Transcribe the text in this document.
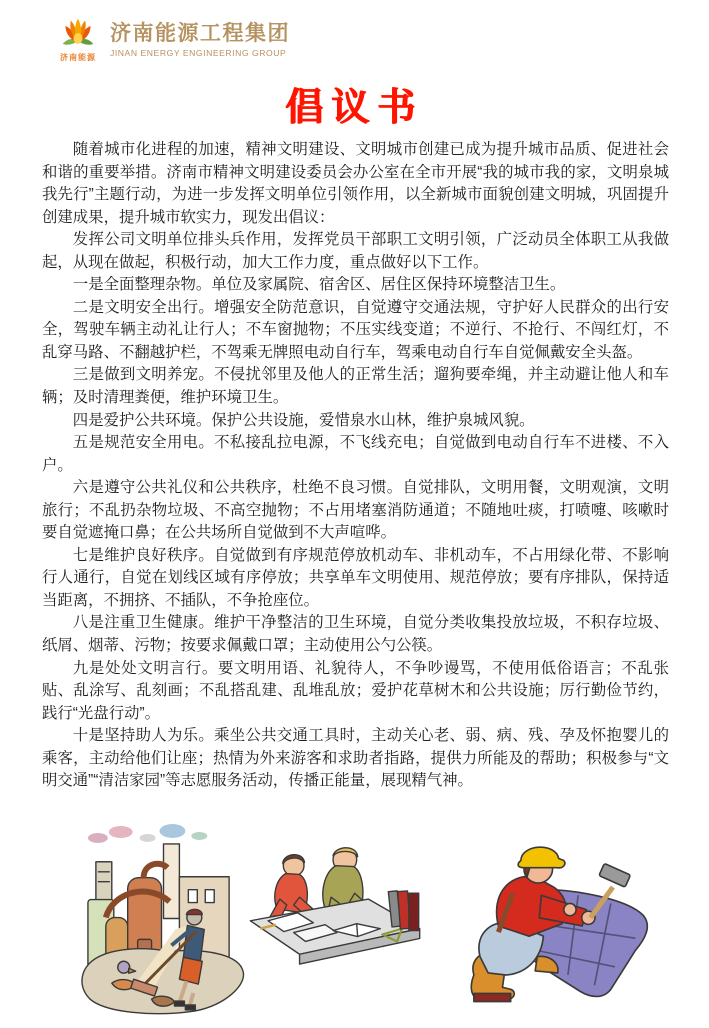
济南能源
济南能源工程集团
JINAN ENERGY ENGINEERING GROUP
倡议书

随着城市化进程的加速，精神文明建设、文明城市创建已成为提升城市品质、促进社会和谐的重要举措。济南市精神文明建设委员会办公室在全市开展“我的城市我的家，文明泉城我先行”主题行动，为进一步发挥文明单位引领作用，以全新城市面貌创建文明城，巩固提升创建成果，提升城市软实力，现发出倡议：

发挥公司文明单位排头兵作用，发挥党员干部职工文明引领，广泛动员全体职工从我做起，从现在做起，积极行动，加大工作力度，重点做好以下工作。

一是全面整理杂物。单位及家属院、宿舍区、居住区保持环境整洁卫生。

二是文明安全出行。增强安全防范意识，自觉遵守交通法规，守护好人民群众的出行安全，驾驶车辆主动礼让行人；不车窗抛物；不压实线变道；不逆行、不抢行、不闯红灯，不乱穿马路、不翻越护栏，不驾乘无牌照电动自行车，驾乘电动自行车自觉佩戴安全头盔。

三是做到文明养宠。不侵扰邻里及他人的正常生活；遛狗要牵绳，并主动避让他人和车辆；及时清理粪便，维护环境卫生。

四是爱护公共环境。保护公共设施，爱惜泉水山林，维护泉城风貌。

五是规范安全用电。不私接乱拉电源，不飞线充电；自觉做到电动自行车不进楼、不入户。

六是遵守公共礼仪和公共秩序，杜绝不良习惯。自觉排队，文明用餐，文明观演，文明旅行；不乱扔杂物垃圾、不高空抛物；不占用堵塞消防通道；不随地吐痰，打喷嚏、咳嗽时要自觉遮掩口鼻；在公共场所自觉做到不大声喧哗。

七是维护良好秩序。自觉做到有序规范停放机动车、非机动车，不占用绿化带、不影响行人通行，自觉在划线区域有序停放；共享单车文明使用、规范停放；要有序排队，保持适当距离，不拥挤、不插队，不争抢座位。

八是注重卫生健康。维护干净整洁的卫生环境，自觉分类收集投放垃圾，不积存垃圾、纸屑、烟蒂、污物；按要求佩戴口罩；主动使用公勺公筷。

九是处处文明言行。要文明用语、礼貌待人，不争吵谩骂，不使用低俗语言；不乱张贴、乱涂写、乱刻画；不乱搭乱建、乱堆乱放；爱护花草树木和公共设施；厉行勤俭节约，践行“光盘行动”。

十是坚持助人为乐。乘坐公共交通工具时，主动关心老、弱、病、残、孕及怀抱婴儿的乘客，主动给他们让座；热情为外来游客和求助者指路，提供力所能及的帮助；积极参与“文明交通”“清洁家园”等志愿服务活动，传播正能量，展现精气神。
